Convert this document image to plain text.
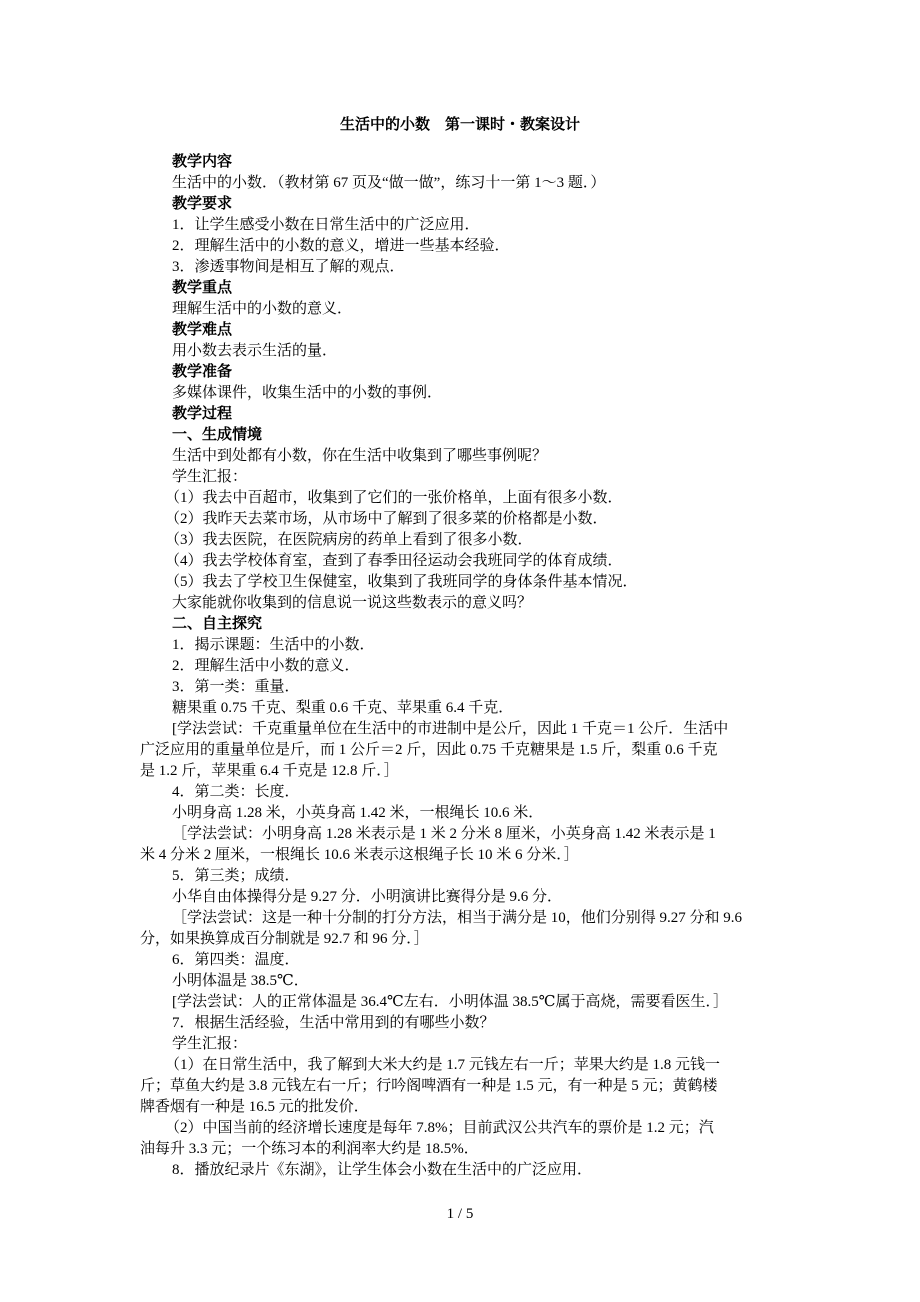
生活中的小数　第一课时・教案设计
教学内容
生活中的小数．（教材第 67 页及“做一做”，练习十一第 1～3 题．）
教学要求
1．让学生感受小数在日常生活中的广泛应用．
2．理解生活中的小数的意义，增进一些基本经验．
3．渗透事物间是相互了解的观点．
教学重点
理解生活中的小数的意义．
教学难点
用小数去表示生活的量．
教学准备
多媒体课件，收集生活中的小数的事例．
教学过程
一、生成情境
生活中到处都有小数，你在生活中收集到了哪些事例呢？
学生汇报：
（1）我去中百超市，收集到了它们的一张价格单，上面有很多小数．
（2）我昨天去菜市场，从市场中了解到了很多菜的价格都是小数．
（3）我去医院，在医院病房的药单上看到了很多小数．
（4）我去学校体育室，查到了春季田径运动会我班同学的体育成绩．
（5）我去了学校卫生保健室，收集到了我班同学的身体条件基本情况．
大家能就你收集到的信息说一说这些数表示的意义吗？
二、自主探究
1．揭示课题：生活中的小数．
2．理解生活中小数的意义．
3．第一类：重量．
糖果重 0.75 千克、梨重 0.6 千克、苹果重 6.4 千克．
[学法尝试：千克重量单位在生活中的市进制中是公斤，因此 1 千克＝1 公斤．生活中
广泛应用的重量单位是斤，而 1 公斤＝2 斤，因此 0.75 千克糖果是 1.5 斤，梨重 0.6 千克
是 1.2 斤，苹果重 6.4 千克是 12.8 斤．］
4．第二类：长度．
小明身高 1.28 米，小英身高 1.42 米，一根绳长 10.6 米．
［学法尝试：小明身高 1.28 米表示是 1 米 2 分米 8 厘米，小英身高 1.42 米表示是 1
米 4 分米 2 厘米，一根绳长 10.6 米表示这根绳子长 10 米 6 分米．］
5．第三类；成绩．
小华自由体操得分是 9.27 分．小明演讲比赛得分是 9.6 分．
［学法尝试：这是一种十分制的打分方法，相当于满分是 10，他们分别得 9.27 分和 9.6
分，如果换算成百分制就是 92.7 和 96 分．］
6．第四类：温度．
小明体温是 38.5℃．
[学法尝试：人的正常体温是 36.4℃左右．小明体温 38.5℃属于高烧，需要看医生．］
7．根据生活经验，生活中常用到的有哪些小数？
学生汇报：
（1）在日常生活中，我了解到大米大约是 1.7 元钱左右一斤；苹果大约是 1.8 元钱一
斤；草鱼大约是 3.8 元钱左右一斤；行吟阁啤酒有一种是 1.5 元，有一种是 5 元；黄鹤楼
牌香烟有一种是 16.5 元的批发价．
（2）中国当前的经济增长速度是每年 7.8%；目前武汉公共汽车的票价是 1.2 元；汽
油每升 3.3 元；一个练习本的利润率大约是 18.5%．
8．播放纪录片《东湖》，让学生体会小数在生活中的广泛应用．
1 / 5
